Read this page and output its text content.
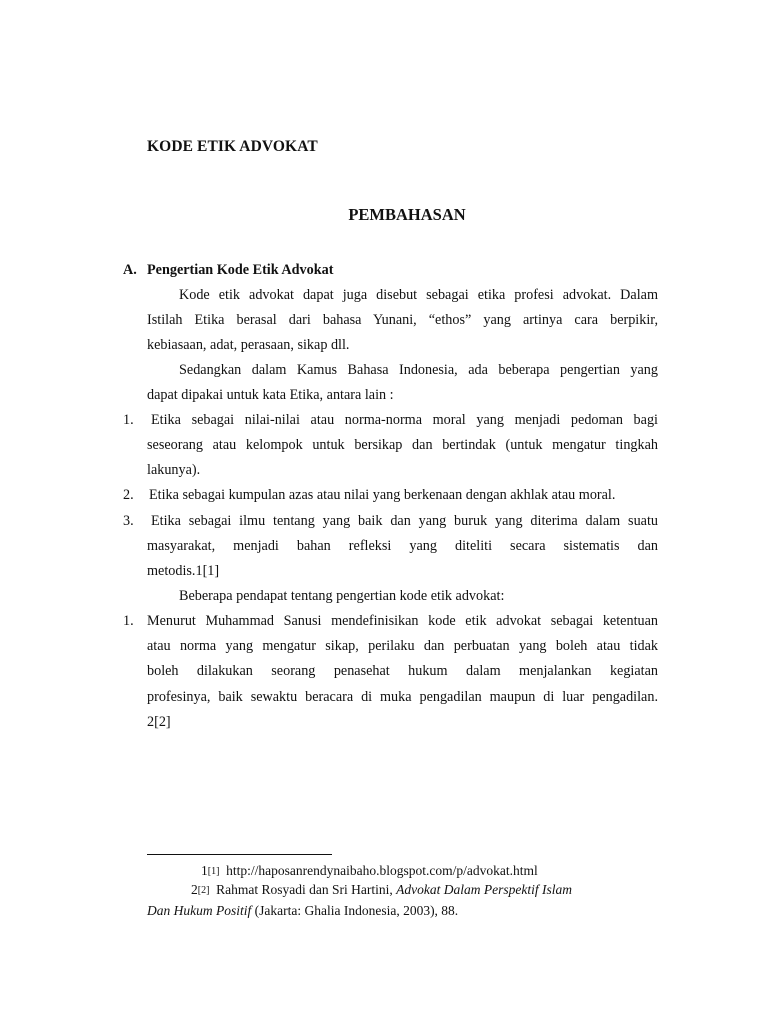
KODE ETIK ADVOKAT
PEMBAHASAN
A. Pengertian Kode Etik Advokat
Kode etik advokat dapat juga disebut sebagai etika profesi advokat. Dalam
Istilah Etika berasal dari bahasa Yunani, “ethos” yang artinya cara berpikir,
kebiasaan, adat, perasaan, sikap dll.
Sedangkan dalam Kamus Bahasa Indonesia, ada beberapa pengertian yang
dapat dipakai untuk kata Etika, antara lain :
1. Etika sebagai nilai-nilai atau norma-norma moral yang menjadi pedoman bagi
seseorang atau kelompok untuk bersikap dan bertindak (untuk mengatur tingkah
lakunya).
2. Etika sebagai kumpulan azas atau nilai yang berkenaan dengan akhlak atau moral.
3. Etika sebagai ilmu tentang yang baik dan yang buruk yang diterima dalam suatu
masyarakat, menjadi bahan refleksi yang diteliti secara sistematis dan
metodis.1[1]
Beberapa pendapat tentang pengertian kode etik advokat:
1. Menurut Muhammad Sanusi mendefinisikan kode etik advokat sebagai ketentuan
atau norma yang mengatur sikap, perilaku dan perbuatan yang boleh atau tidak
boleh dilakukan seorang penasehat hukum dalam menjalankan kegiatan
profesinya, baik sewaktu beracara di muka pengadilan maupun di luar pengadilan.
2[2]
1[1] http://haposanrendynaibaho.blogspot.com/p/advokat.html
2[2] Rahmat Rosyadi dan Sri Hartini, Advokat Dalam Perspektif Islam
Dan Hukum Positif (Jakarta: Ghalia Indonesia, 2003), 88.
